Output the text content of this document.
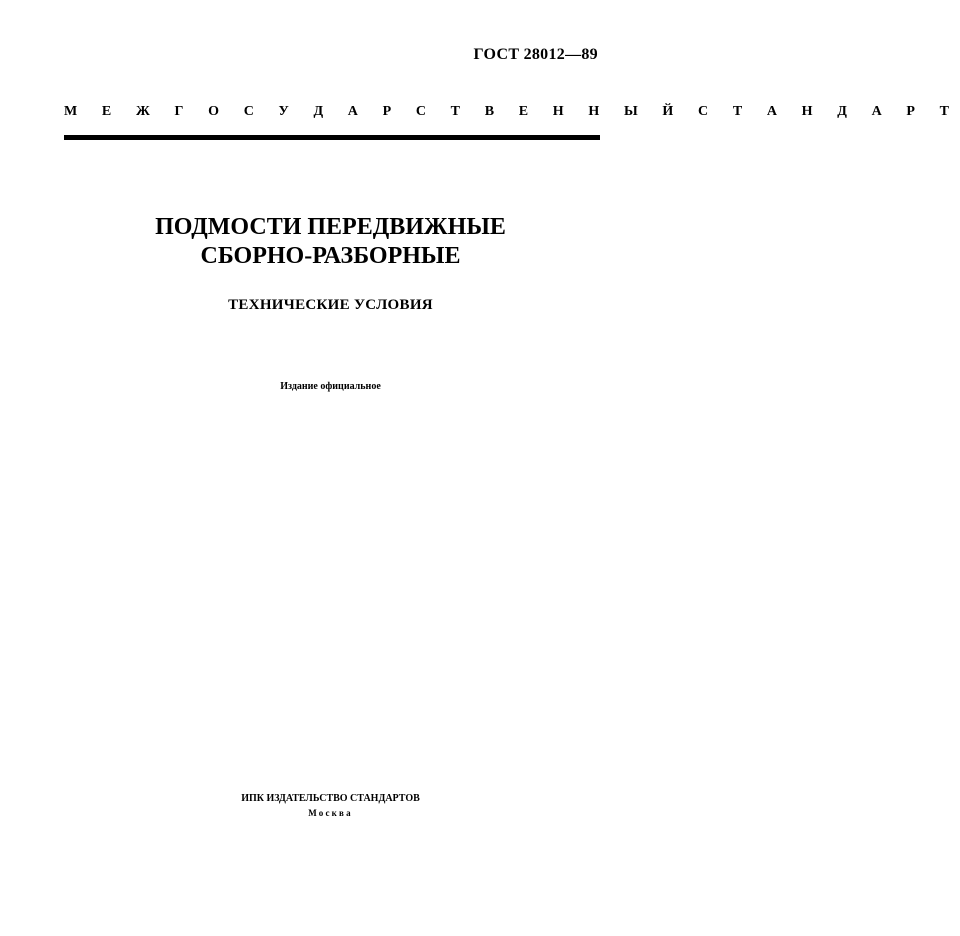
ГОСТ 28012—89
М Е Ж Г О С У Д А Р С Т В Е Н Н Ы Й С Т А Н Д А Р Т
ПОДМОСТИ ПЕРЕДВИЖНЫЕ
СБОРНО-РАЗБОРНЫЕ
ТЕХНИЧЕСКИЕ УСЛОВИЯ
Издание официальное
ИПК ИЗДАТЕЛЬСТВО СТАНДАРТОВ
Москва
